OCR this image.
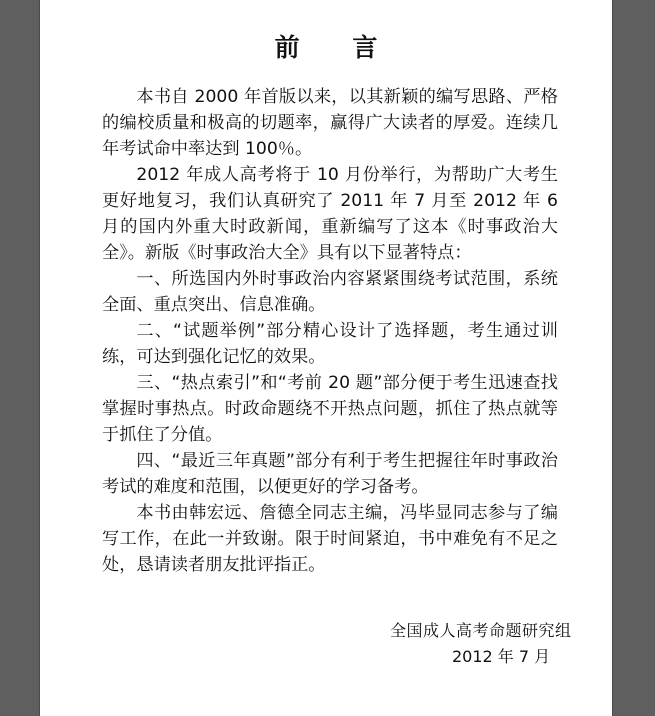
前 言

本书自 2000 年首版以来，以其新颖的编写思路、严格的编校质量和极高的切题率，赢得广大读者的厚爱。连续几年考试命中率达到 100％。

2012 年成人高考将于 10 月份举行，为帮助广大考生更好地复习，我们认真研究了 2011 年 7 月至 2012 年 6 月的国内外重大时政新闻，重新编写了这本《时事政治大全》。新版《时事政治大全》具有以下显著特点：

一、所选国内外时事政治内容紧紧围绕考试范围，系统全面、重点突出、信息准确。

二、“试题举例”部分精心设计了选择题，考生通过训练，可达到强化记忆的效果。

三、“热点索引”和“考前 20 题”部分便于考生迅速查找掌握时事热点。时政命题绕不开热点问题，抓住了热点就等于抓住了分值。

四、“最近三年真题”部分有利于考生把握往年时事政治考试的难度和范围，以便更好的学习备考。

本书由韩宏远、詹德全同志主编，冯毕显同志参与了编写工作，在此一并致谢。限于时间紧迫，书中难免有不足之处，恳请读者朋友批评指正。

全国成人高考命题研究组
2012 年 7 月
